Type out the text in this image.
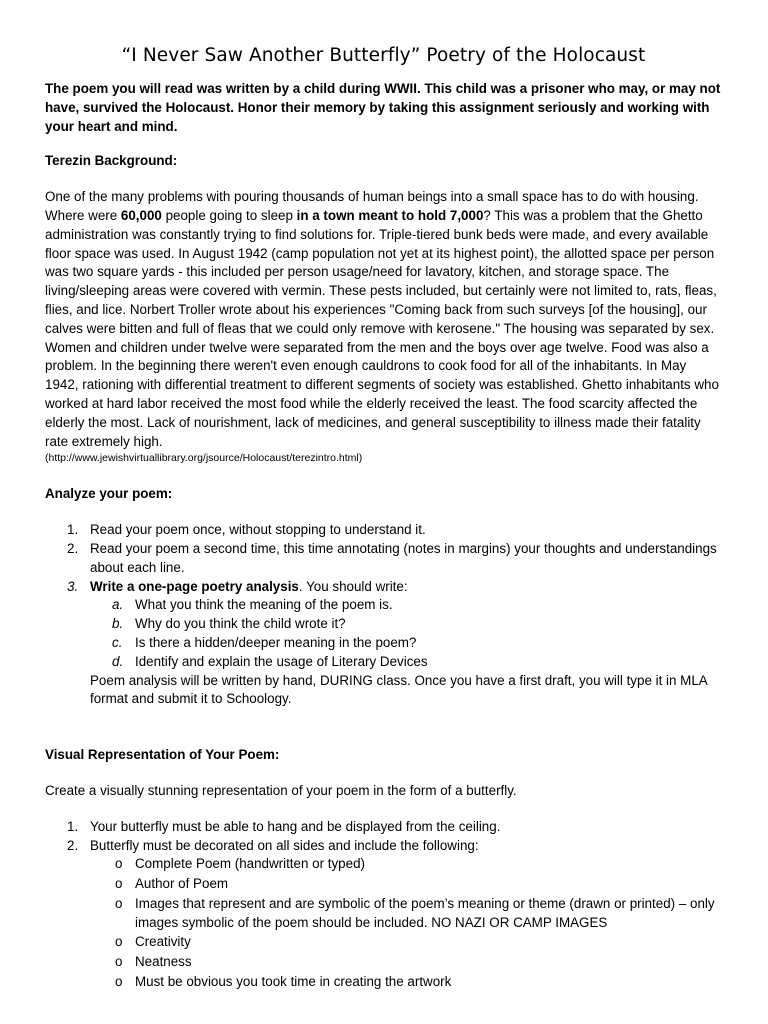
“I Never Saw Another Butterfly” Poetry of the Holocaust

The poem you will read was written by a child during WWII. This child was a prisoner who may, or may not have, survived the Holocaust. Honor their memory by taking this assignment seriously and working with your heart and mind.

Terezin Background:

One of the many problems with pouring thousands of human beings into a small space has to do with housing. Where were 60,000 people going to sleep in a town meant to hold 7,000? This was a problem that the Ghetto administration was constantly trying to find solutions for. Triple-tiered bunk beds were made, and every available floor space was used. In August 1942 (camp population not yet at its highest point), the allotted space per person was two square yards - this included per person usage/need for lavatory, kitchen, and storage space. The living/sleeping areas were covered with vermin. These pests included, but certainly were not limited to, rats, fleas, flies, and lice. Norbert Troller wrote about his experiences "Coming back from such surveys [of the housing], our calves were bitten and full of fleas that we could only remove with kerosene." The housing was separated by sex. Women and children under twelve were separated from the men and the boys over age twelve. Food was also a problem. In the beginning there weren't even enough cauldrons to cook food for all of the inhabitants. In May 1942, rationing with differential treatment to different segments of society was established. Ghetto inhabitants who worked at hard labor received the most food while the elderly received the least. The food scarcity affected the elderly the most. Lack of nourishment, lack of medicines, and general susceptibility to illness made their fatality rate extremely high.

(http://www.jewishvirtuallibrary.org/jsource/Holocaust/terezintro.html)

Analyze your poem:

1. Read your poem once, without stopping to understand it.
2. Read your poem a second time, this time annotating (notes in margins) your thoughts and understandings about each line.
3. Write a one-page poetry analysis. You should write:
a. What you think the meaning of the poem is.
b. Why do you think the child wrote it?
c. Is there a hidden/deeper meaning in the poem?
d. Identify and explain the usage of Literary Devices

Poem analysis will be written by hand, DURING class. Once you have a first draft, you will type it in MLA format and submit it to Schoology.

Visual Representation of Your Poem:

Create a visually stunning representation of your poem in the form of a butterfly.

1. Your butterfly must be able to hang and be displayed from the ceiling.
2. Butterfly must be decorated on all sides and include the following:
o Complete Poem (handwritten or typed)
o Author of Poem
o Images that represent and are symbolic of the poem’s meaning or theme (drawn or printed) – only images symbolic of the poem should be included. NO NAZI OR CAMP IMAGES
o Creativity
o Neatness
o Must be obvious you took time in creating the artwork
